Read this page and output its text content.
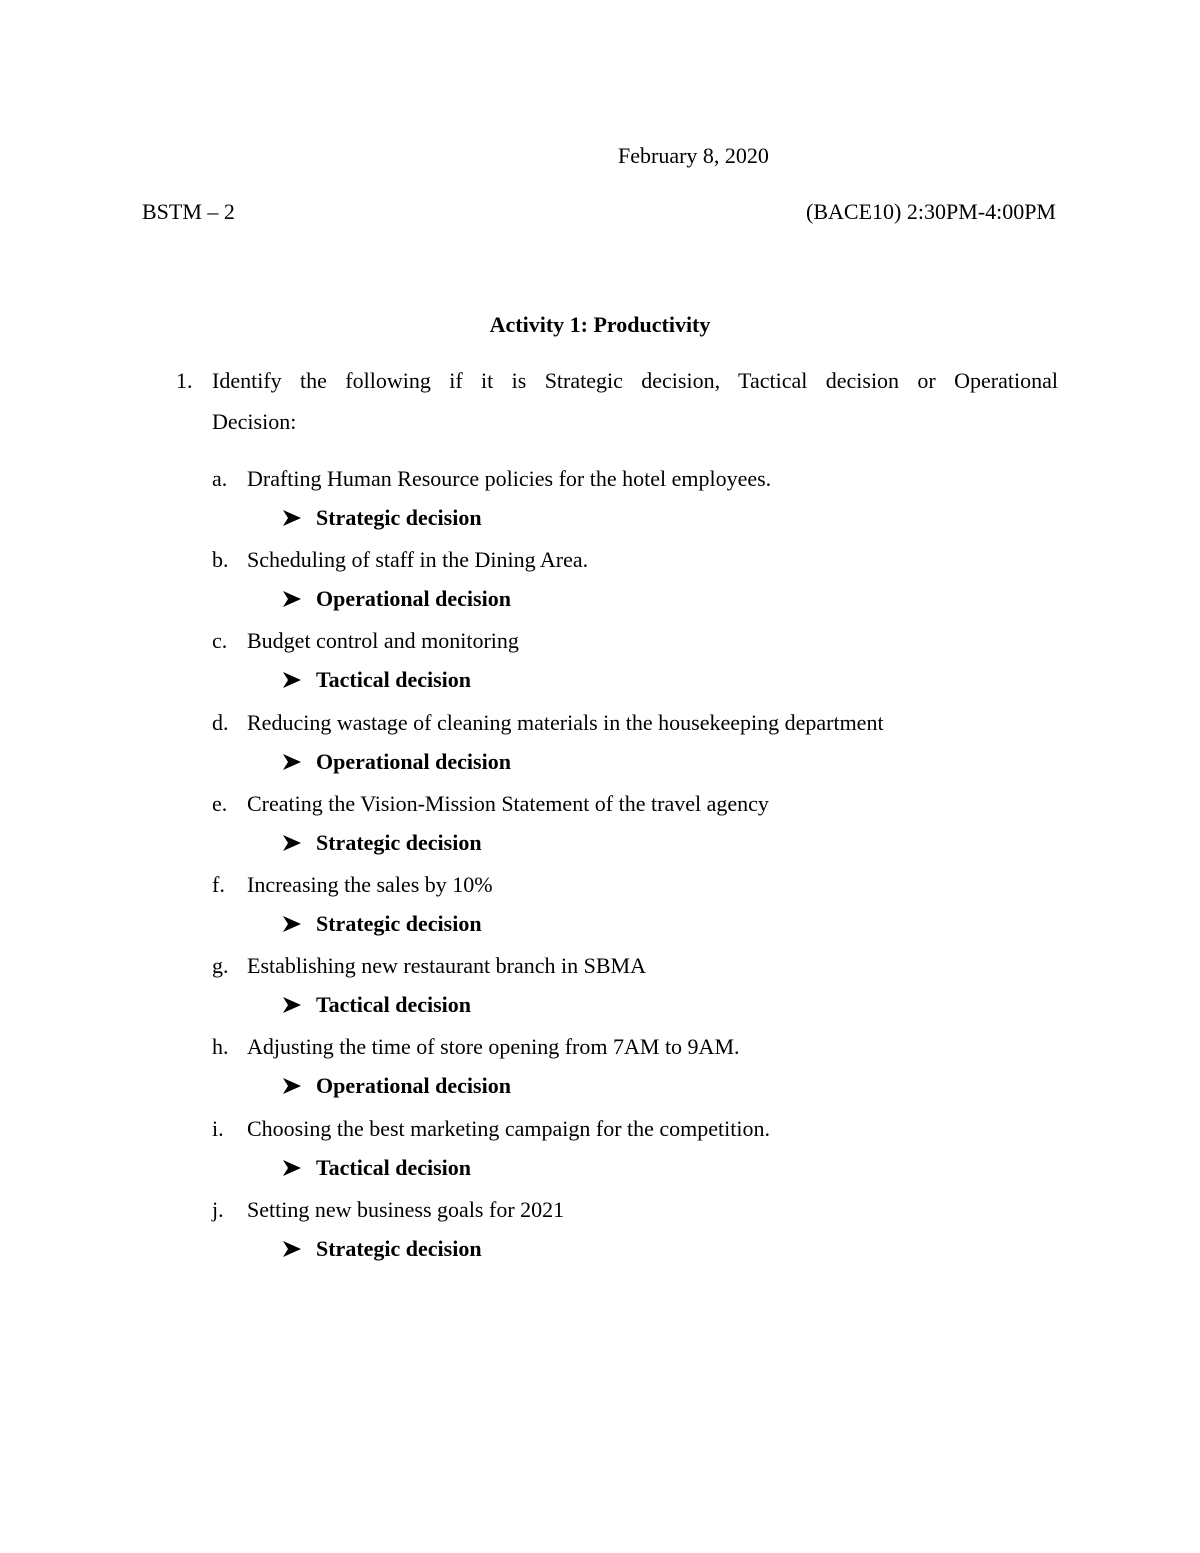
February 8, 2020
BSTM – 2	(BACE10) 2:30PM-4:00PM
Activity 1: Productivity
1. Identify the following if it is Strategic decision, Tactical decision or Operational
Decision:
a. Drafting Human Resource policies for the hotel employees.
Strategic decision
b. Scheduling of staff in the Dining Area.
Operational decision
c. Budget control and monitoring
Tactical decision
d. Reducing wastage of cleaning materials in the housekeeping department
Operational decision
e. Creating the Vision-Mission Statement of the travel agency
Strategic decision
f. Increasing the sales by 10%
Strategic decision
g. Establishing new restaurant branch in SBMA
Tactical decision
h. Adjusting the time of store opening from 7AM to 9AM.
Operational decision
i. Choosing the best marketing campaign for the competition.
Tactical decision
j. Setting new business goals for 2021
Strategic decision
